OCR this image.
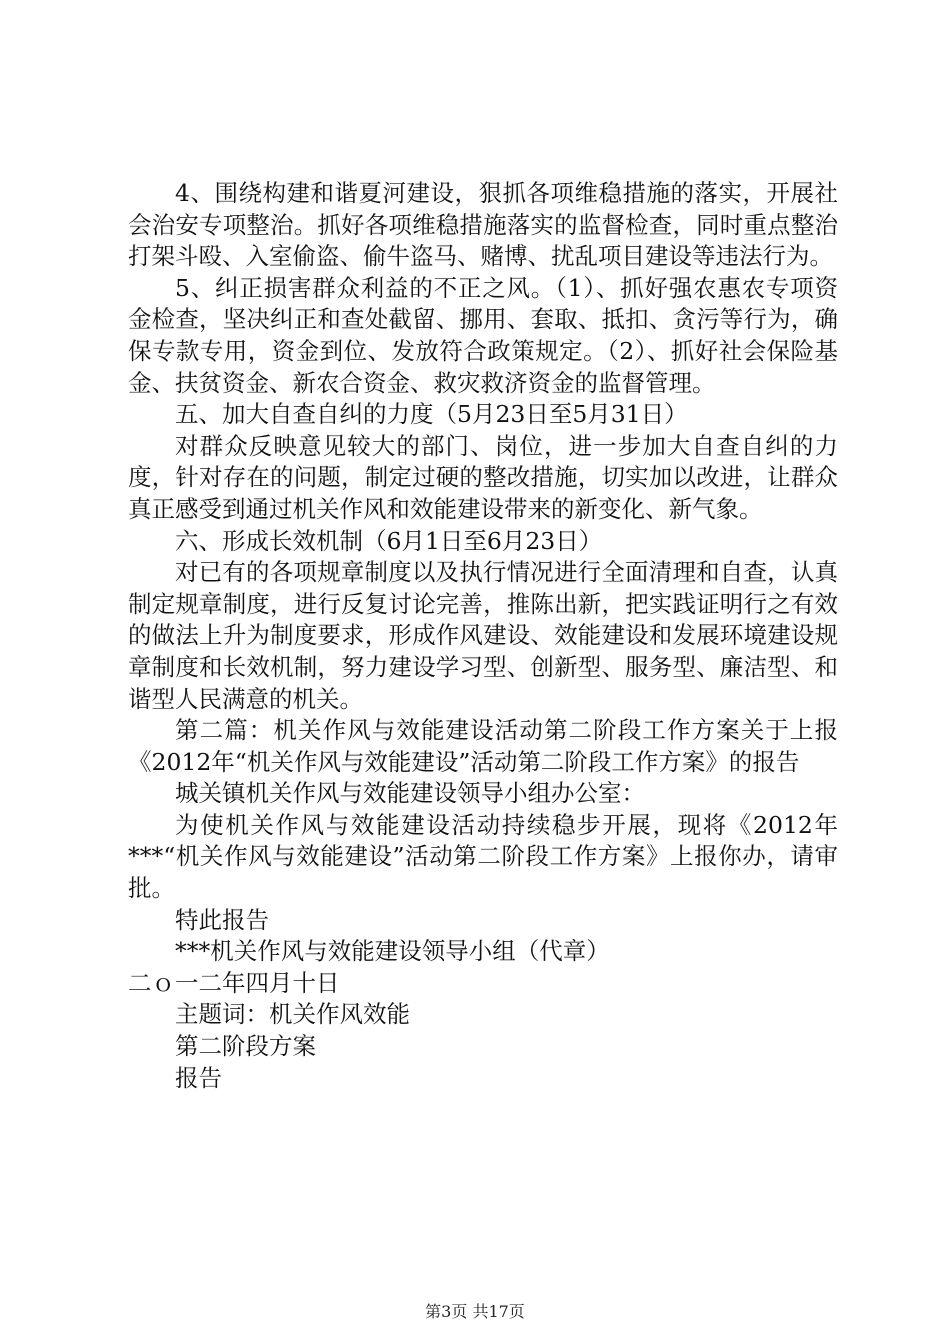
4、围绕构建和谐夏河建设，狠抓各项维稳措施的落实，开展社会治安专项整治。抓好各项维稳措施落实的监督检查，同时重点整治打架斗殴、入室偷盗、偷牛盗马、赌博、扰乱项目建设等违法行为。

5、纠正损害群众利益的不正之风。（1）、抓好强农惠农专项资金检查，坚决纠正和查处截留、挪用、套取、抵扣、贪污等行为，确保专款专用，资金到位、发放符合政策规定。（2）、抓好社会保险基金、扶贫资金、新农合资金、救灾救济资金的监督管理。

五、加大自查自纠的力度（5月23日至5月31日）

对群众反映意见较大的部门、岗位，进一步加大自查自纠的力度，针对存在的问题，制定过硬的整改措施，切实加以改进，让群众真正感受到通过机关作风和效能建设带来的新变化、新气象。

六、形成长效机制（6月1日至6月23日）

对已有的各项规章制度以及执行情况进行全面清理和自查，认真制定规章制度，进行反复讨论完善，推陈出新，把实践证明行之有效的做法上升为制度要求，形成作风建设、效能建设和发展环境建设规章制度和长效机制，努力建设学习型、创新型、服务型、廉洁型、和谐型人民满意的机关。

第二篇：机关作风与效能建设活动第二阶段工作方案关于上报《2012年“机关作风与效能建设”活动第二阶段工作方案》的报告

城关镇机关作风与效能建设领导小组办公室：

为使机关作风与效能建设活动持续稳步开展，现将《2012年***“机关作风与效能建设”活动第二阶段工作方案》上报你办，请审批。

特此报告

***机关作风与效能建设领导小组（代章）

二ｏ一二年四月十日

主题词：机关作风效能

第二阶段方案

报告

第3页 共17页
